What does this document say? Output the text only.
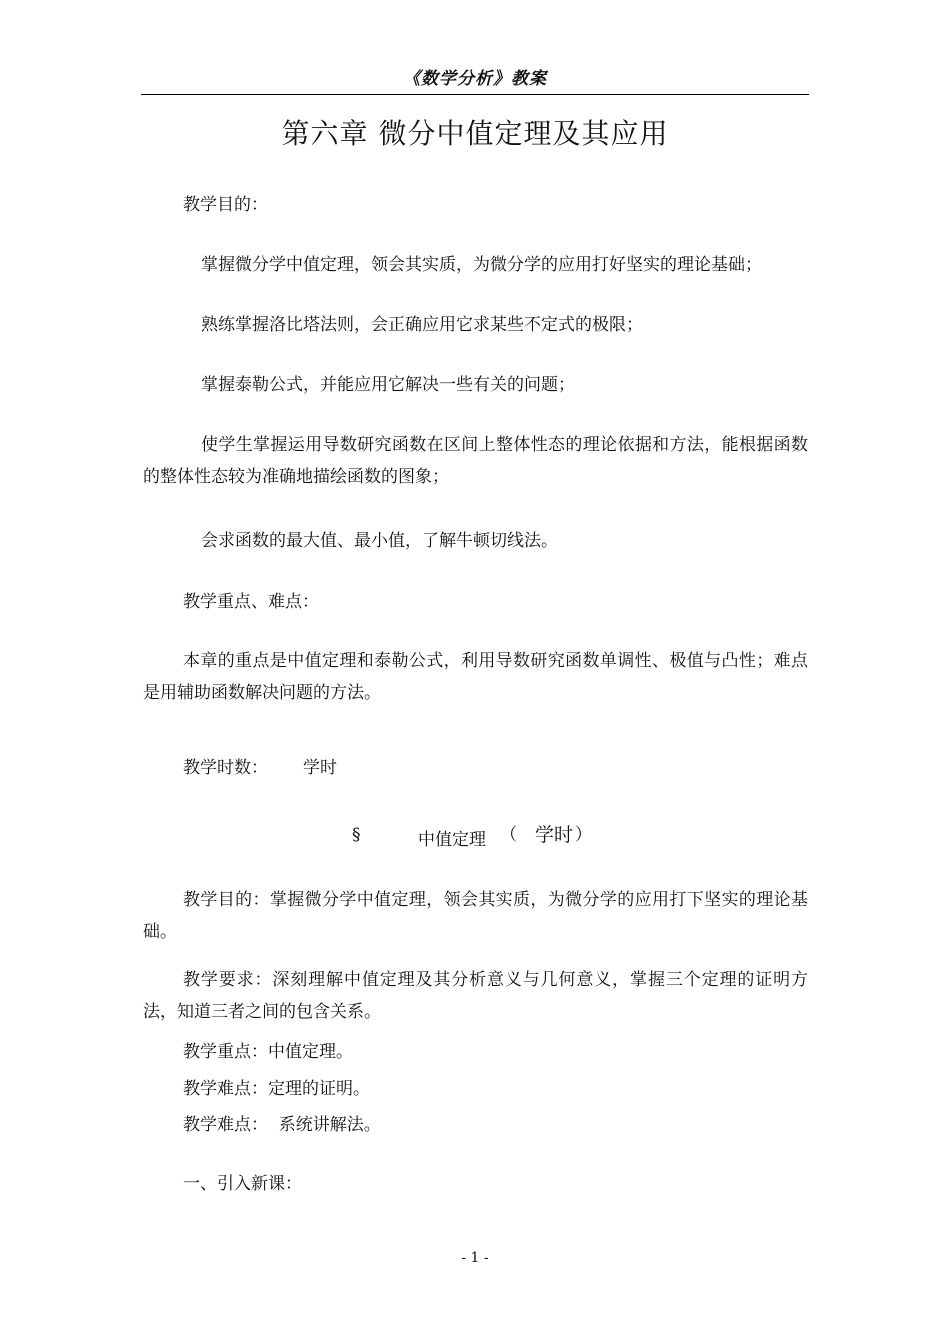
《数学分析》教案
第六章 微分中值定理及其应用
教学目的：
掌握微分学中值定理，领会其实质，为微分学的应用打好坚实的理论基础；
熟练掌握洛比塔法则，会正确应用它求某些不定式的极限；
掌握泰勒公式，并能应用它解决一些有关的问题；
使学生掌握运用导数研究函数在区间上整体性态的理论依据和方法，能根据函数的整体性态较为准确地描绘函数的图象；
会求函数的最大值、最小值，了解牛顿切线法。
教学重点、难点：
本章的重点是中值定理和泰勒公式，利用导数研究函数单调性、极值与凸性；难点是用辅助函数解决问题的方法。
教学时数： 学时
§	中值定理 （ 学时 ）
教学目的：掌握微分学中值定理，领会其实质，为微分学的应用打下坚实的理论基础。
教学要求：深刻理解中值定理及其分析意义与几何意义，掌握三个定理的证明方法，知道三者之间的包含关系。
教学重点：中值定理。
教学难点：定理的证明。
教学难点：  系统讲解法。
一、引入新课：
- 1 -
